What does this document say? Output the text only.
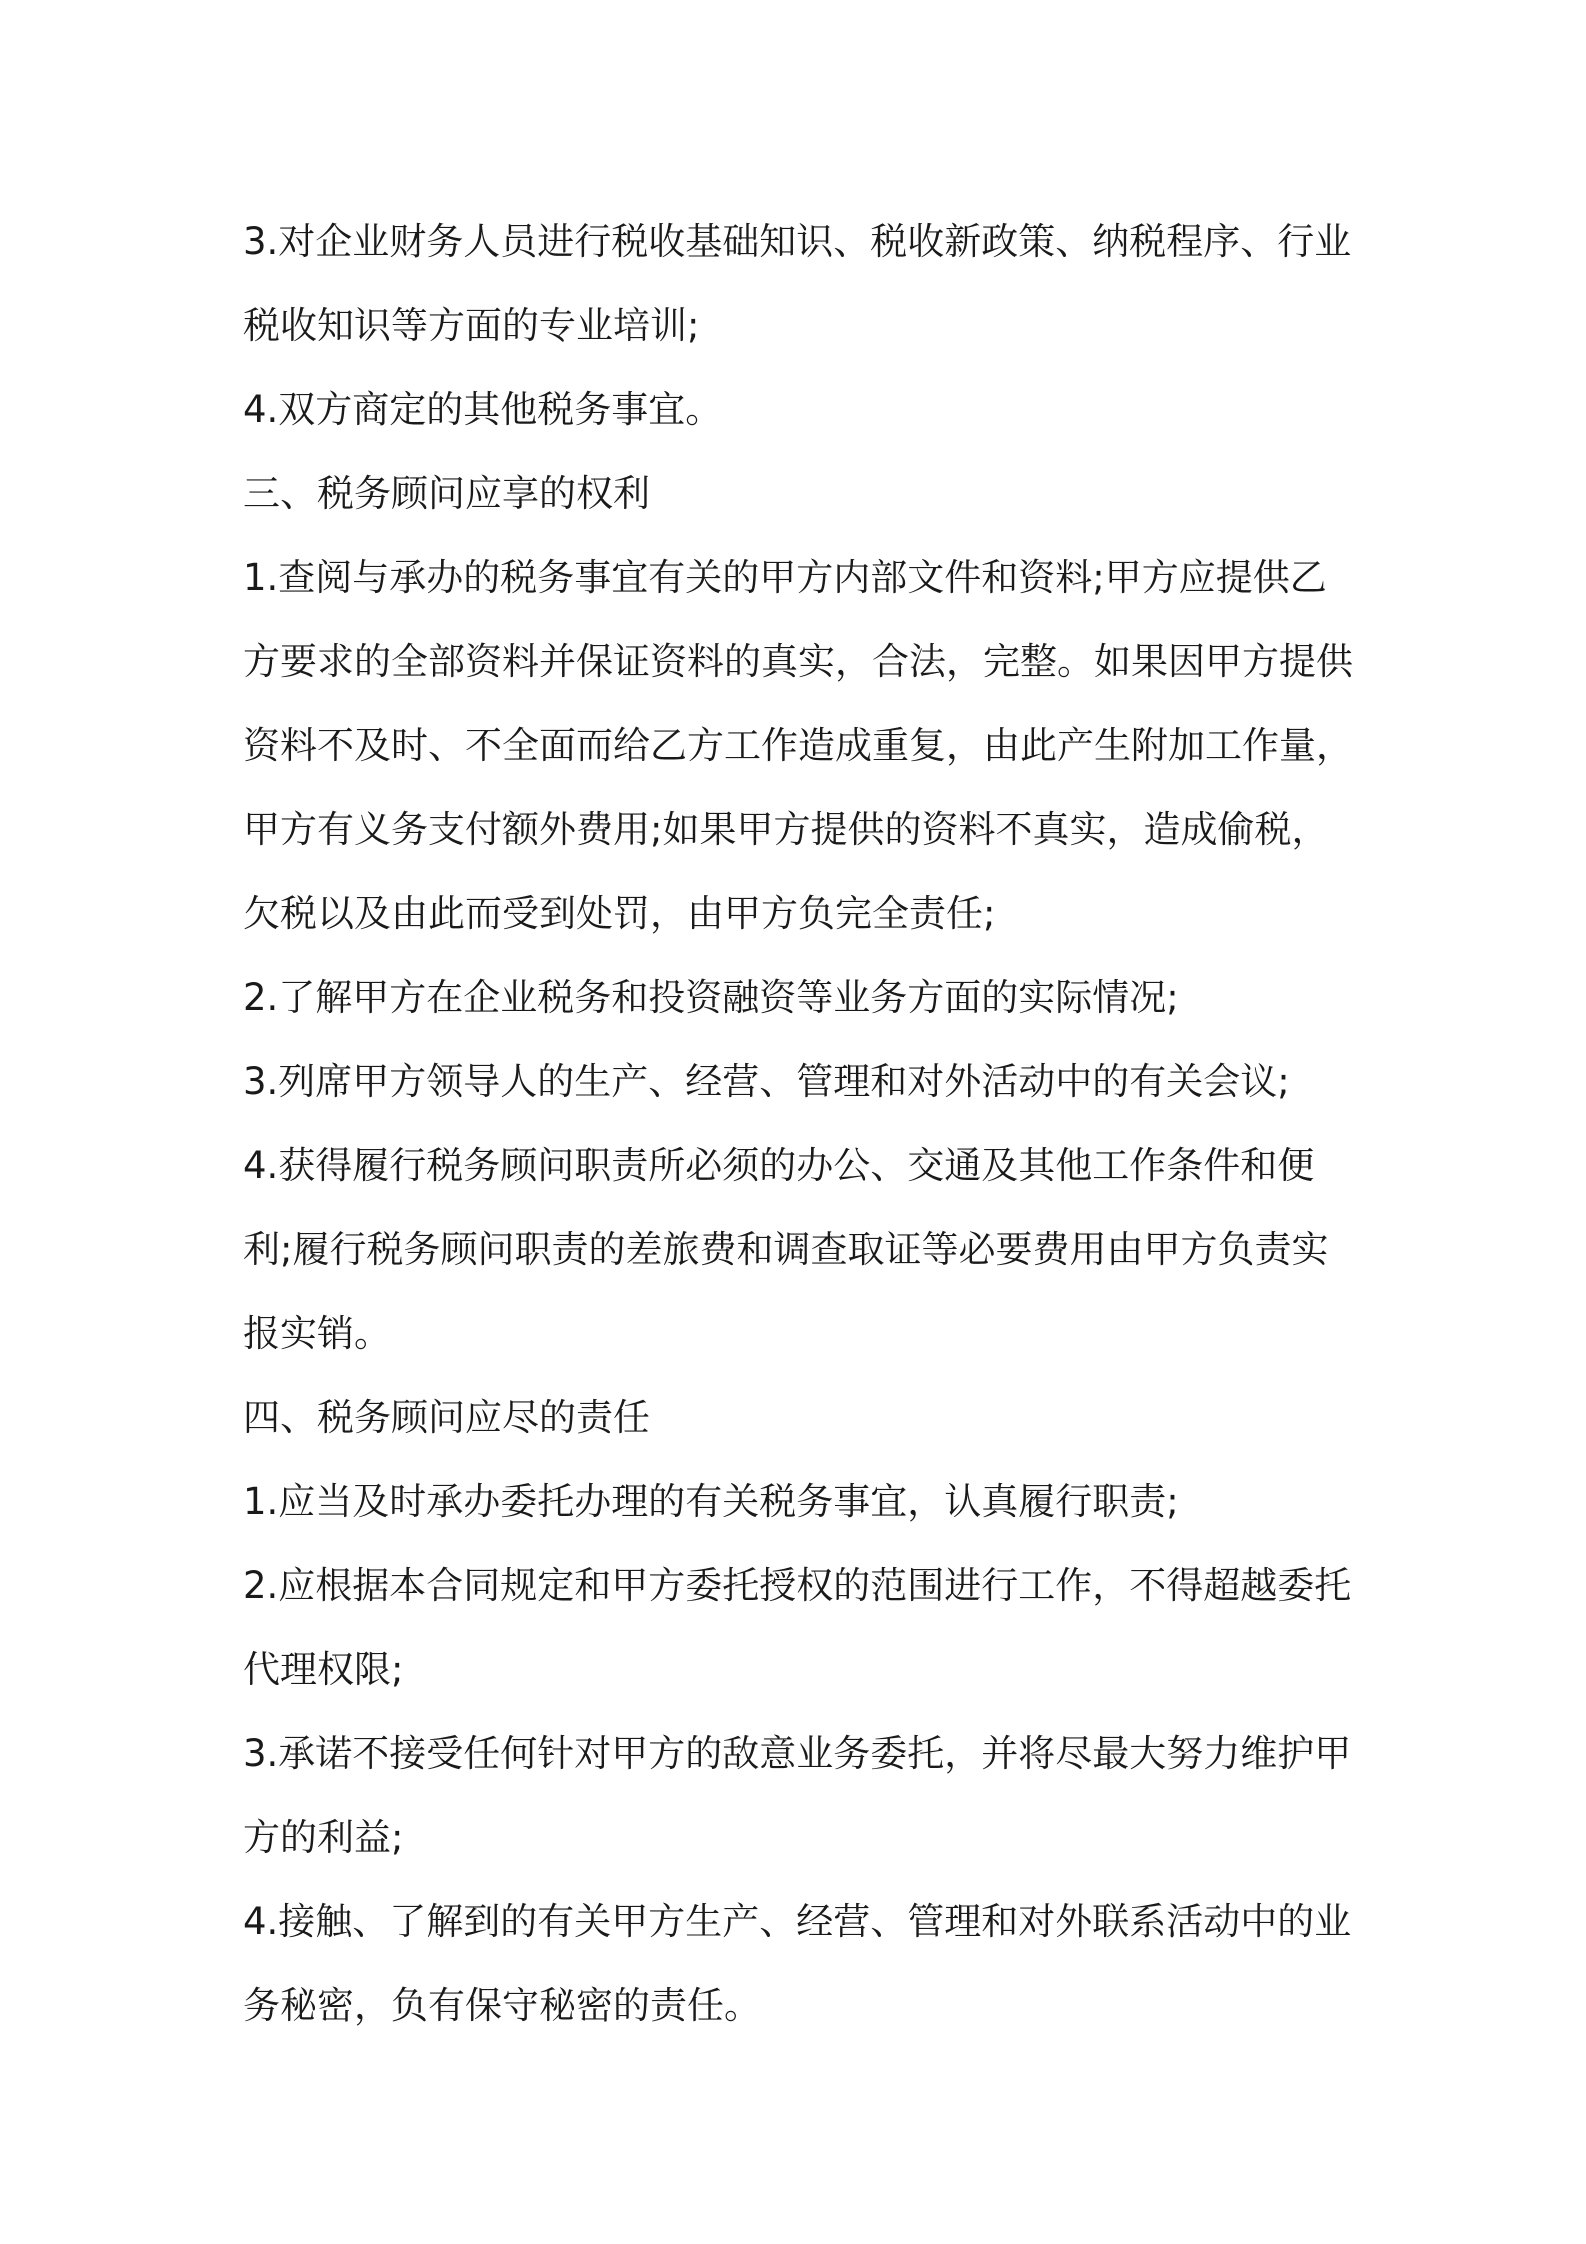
3.对企业财务人员进行税收基础知识、税收新政策、纳税程序、行业税收知识等方面的专业培训;

4.双方商定的其他税务事宜。

三、税务顾问应享的权利

1.查阅与承办的税务事宜有关的甲方内部文件和资料;甲方应提供乙方要求的全部资料并保证资料的真实，合法，完整。如果因甲方提供资料不及时、不全面而给乙方工作造成重复，由此产生附加工作量，甲方有义务支付额外费用;如果甲方提供的资料不真实，造成偷税，欠税以及由此而受到处罚，由甲方负完全责任;

2.了解甲方在企业税务和投资融资等业务方面的实际情况;

3.列席甲方领导人的生产、经营、管理和对外活动中的有关会议;

4.获得履行税务顾问职责所必须的办公、交通及其他工作条件和便利;履行税务顾问职责的差旅费和调查取证等必要费用由甲方负责实报实销。

四、税务顾问应尽的责任

1.应当及时承办委托办理的有关税务事宜，认真履行职责;

2.应根据本合同规定和甲方委托授权的范围进行工作，不得超越委托代理权限;

3.承诺不接受任何针对甲方的敌意业务委托，并将尽最大努力维护甲方的利益;

4.接触、了解到的有关甲方生产、经营、管理和对外联系活动中的业务秘密，负有保守秘密的责任。
